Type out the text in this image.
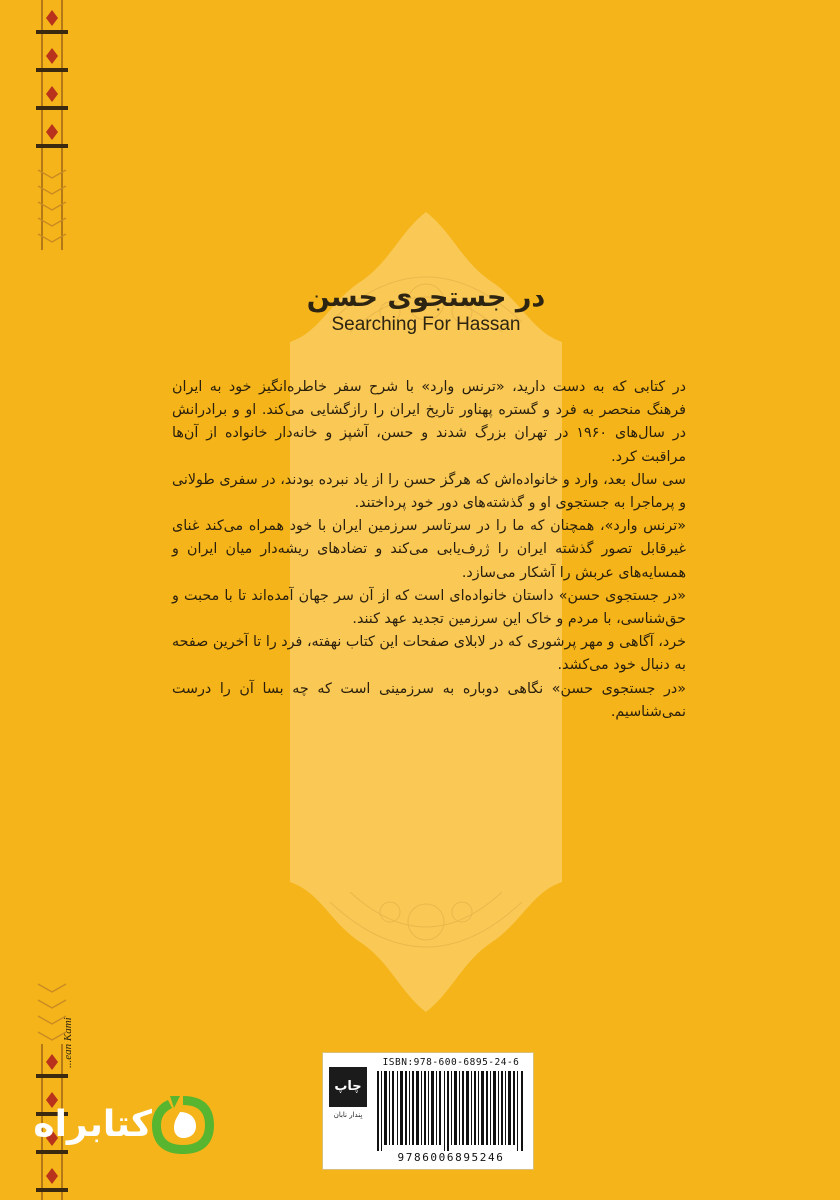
در جستجوی حسن
Searching For Hassan

در کتابی که به دست دارید، «ترنس وارد» با شرح سفر خاطره‌انگیز خود به ایران فرهنگ منحصر به فرد و گستره پهناور تاریخ ایران را رازگشایی می‌کند. او و برادرانش در سال‌های ۱۹۶۰ در تهران بزرگ شدند و حسن، آشپز و خانه‌دار خانواده از آن‌ها مراقبت کرد.

سی سال بعد، وارد و خانواده‌اش که هرگز حسن را از یاد نبرده بودند، در سفری طولانی و پرماجرا به جستجوی او و گذشته‌های دور خود پرداختند.

«ترنس وارد»، همچنان که ما را در سرتاسر سرزمین ایران با خود همراه می‌کند غنای غیرقابل تصور گذشته ایران را ژرف‌یابی می‌کند و تضادهای ریشه‌دار میان ایران و همسایه‌های عربش را آشکار می‌سازد.

«در جستجوی حسن» داستان خانواده‌ای است که از آن سر جهان آمده‌اند تا با محبت و حق‌شناسی، با مردم و خاک این سرزمین تجدید عهد کنند.

خرد، آگاهی و مهر پرشوری که در لابلای صفحات این کتاب نهفته، فرد را تا آخرین صفحه به دنبال خود می‌کشد.

«در جستجوی حسن» نگاهی دوباره به سرزمینی است که چه بسا آن را درست نمی‌شناسیم.

چاپ
بِندار نابان
ISBN:978-600-6895-24-6
9786006895246
...ean Kami
کتابراه
